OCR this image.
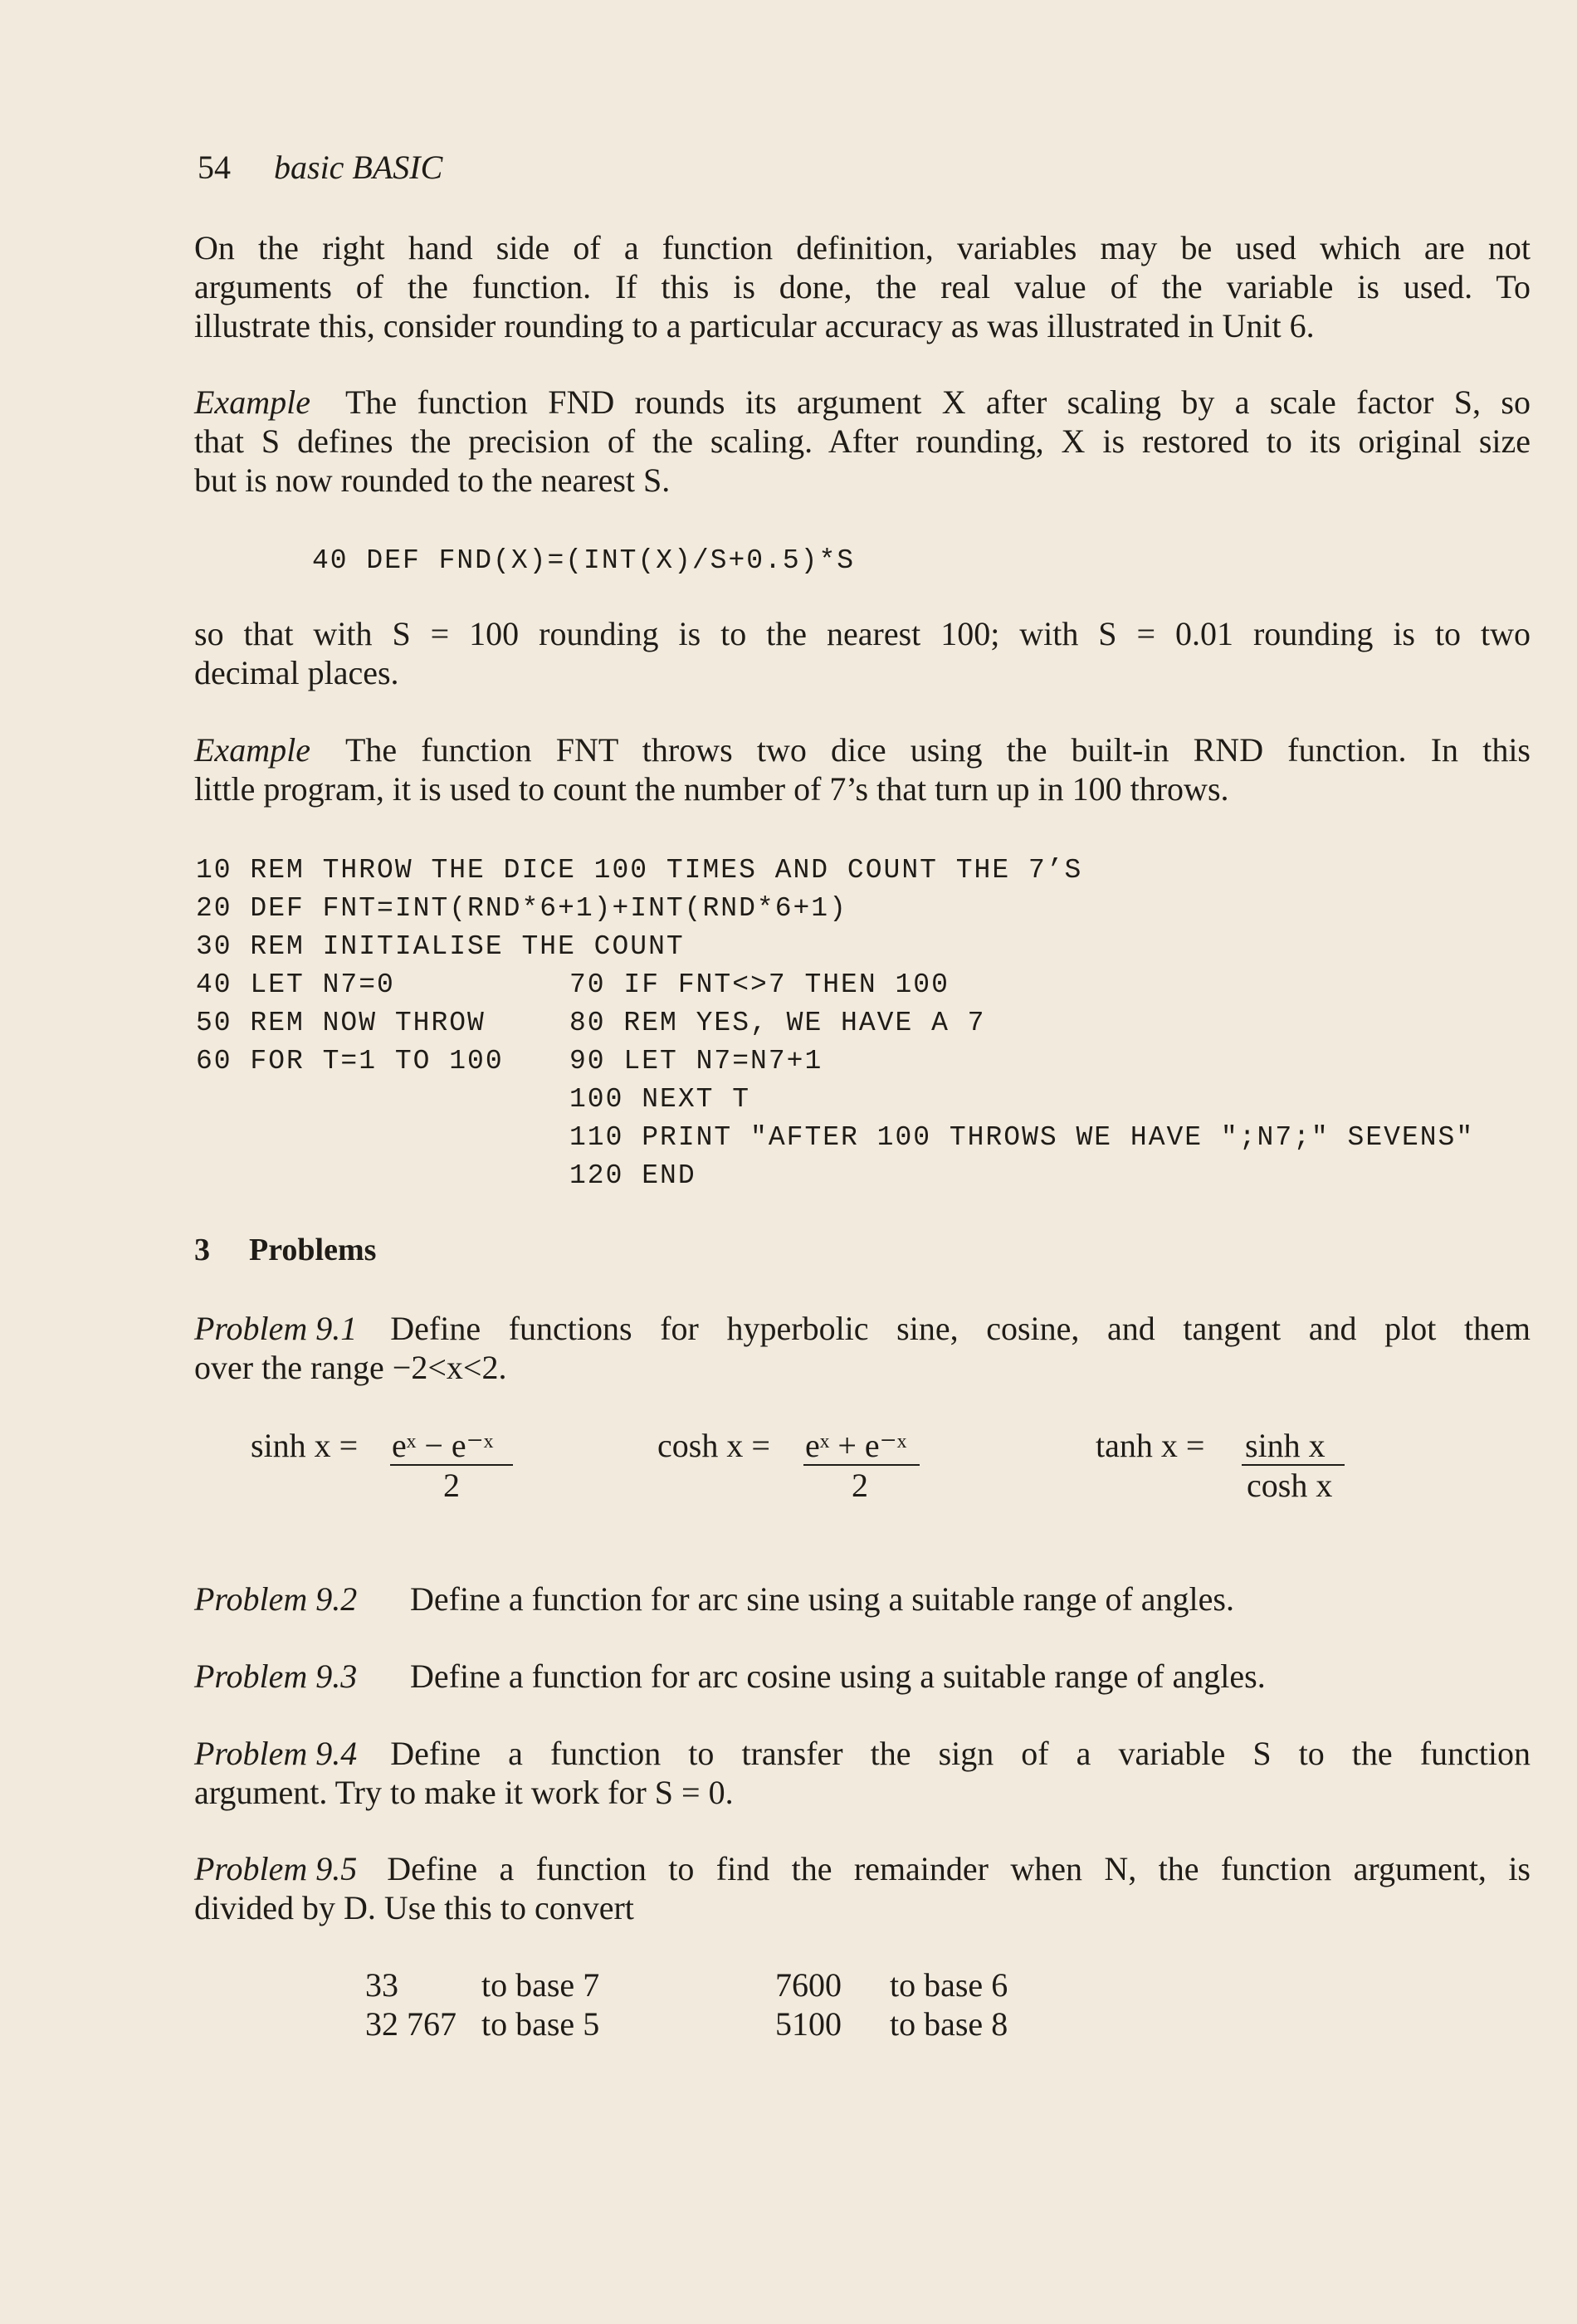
54 basic BASIC
On the right hand side of a function definition, variables may be used which are not
arguments of the function. If this is done, the real value of the variable is used. To
illustrate this, consider rounding to a particular accuracy as was illustrated in Unit 6.
Example The function FND rounds its argument X after scaling by a scale factor S, so
that S defines the precision of the scaling. After rounding, X is restored to its original size
but is now rounded to the nearest S.
40 DEF FND(X)=(INT(X)/S+0.5)*S
so that with S = 100 rounding is to the nearest 100; with S = 0.01 rounding is to two
decimal places.
Example The function FNT throws two dice using the built-in RND function. In this
little program, it is used to count the number of 7’s that turn up in 100 throws.
10 REM THROW THE DICE 100 TIMES AND COUNT THE 7’S
20 DEF FNT=INT(RND*6+1)+INT(RND*6+1)
30 REM INITIALISE THE COUNT
40 LET N7=0
50 REM NOW THROW
60 FOR T=1 TO 100
70 IF FNT<>7 THEN 100
80 REM YES, WE HAVE A 7
90 LET N7=N7+1
100 NEXT T
110 PRINT "AFTER 100 THROWS WE HAVE ";N7;" SEVENS"
120 END
3 Problems
Problem 9.1 Define functions for hyperbolic sine, cosine, and tangent and plot them
over the range −2<x<2.
sinh x = eˣ − e⁻ˣ
2
cosh x = eˣ + e⁻ˣ
2
tanh x = sinh x
cosh x
Problem 9.2 Define a function for arc sine using a suitable range of angles.
Problem 9.3 Define a function for arc cosine using a suitable range of angles.
Problem 9.4 Define a function to transfer the sign of a variable S to the function
argument. Try to make it work for S = 0.
Problem 9.5 Define a function to find the remainder when N, the function argument, is
divided by D. Use this to convert
33	to base 7	7600 to base 6
32 767 to base 5	5100 to base 8
